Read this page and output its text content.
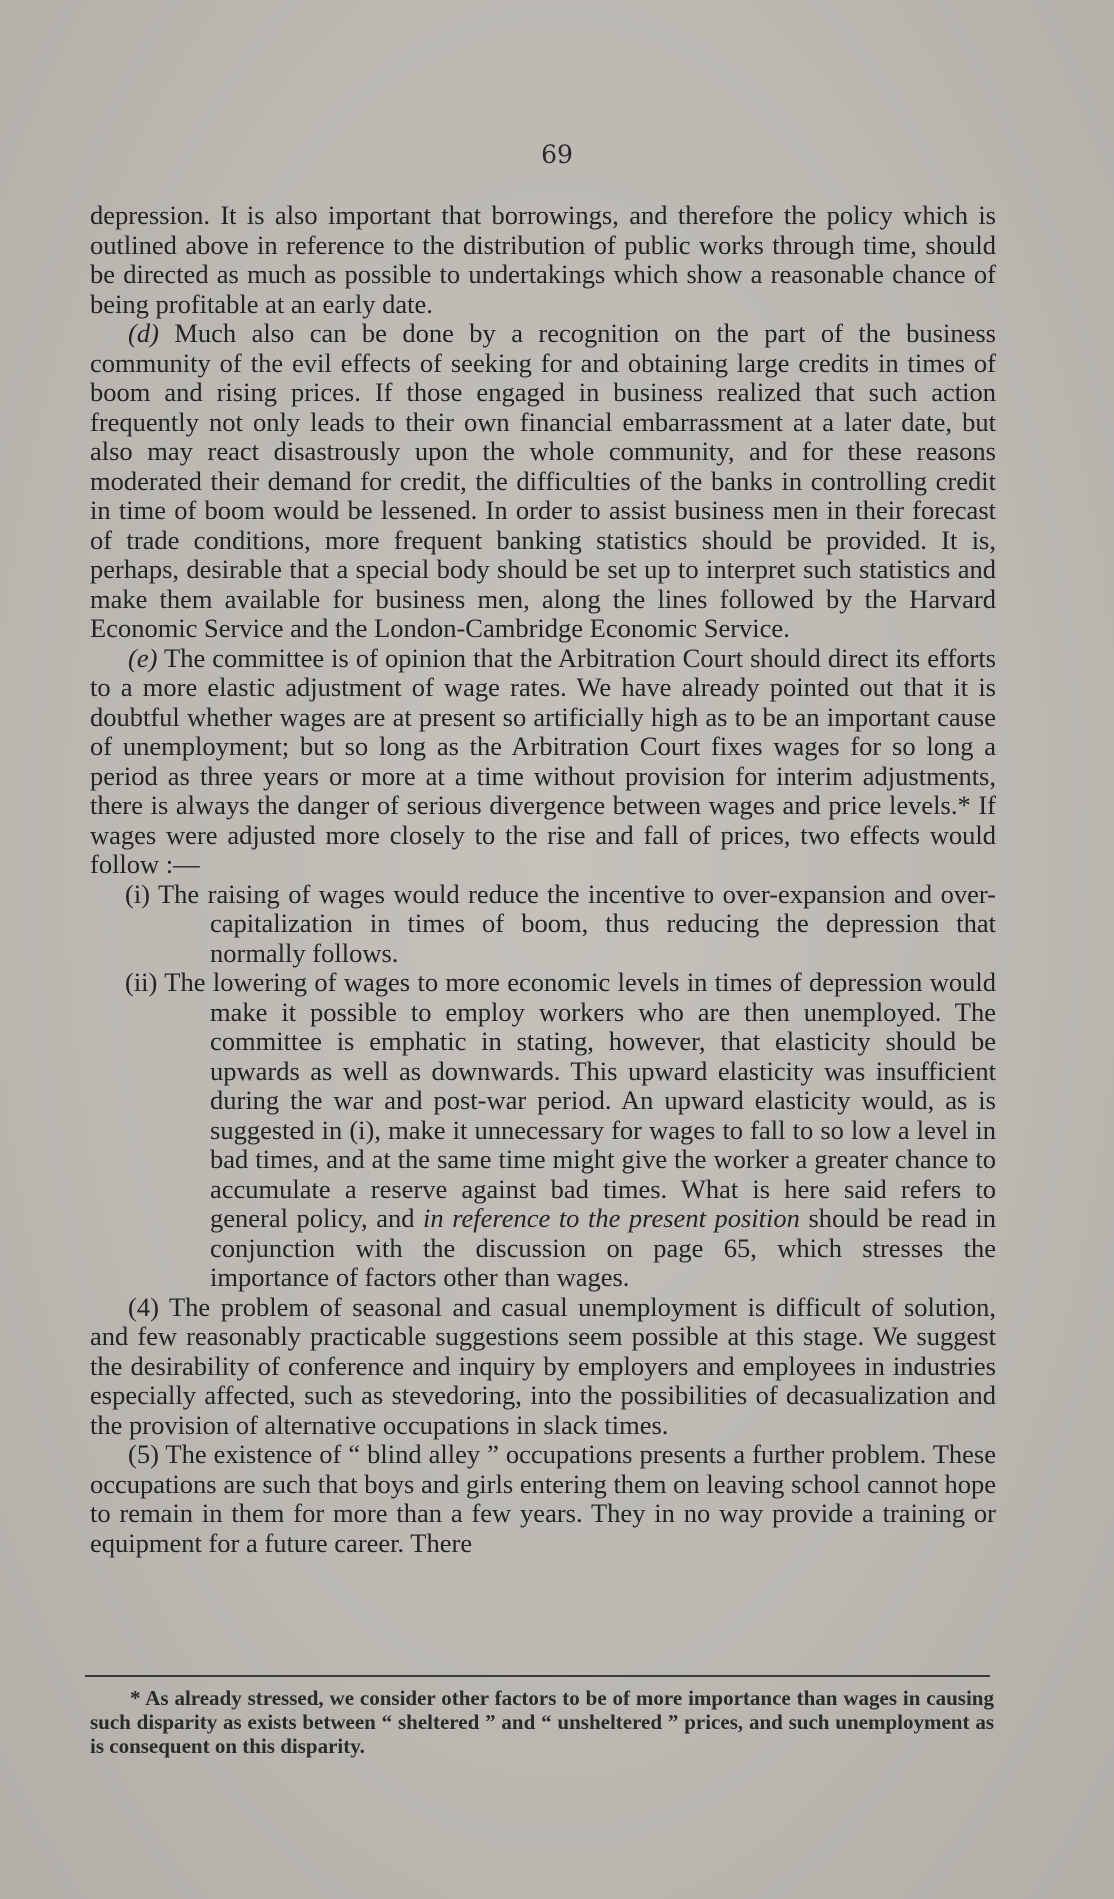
69

depression. It is also important that borrowings, and therefore the policy which is outlined above in reference to the distribution of public works through time, should be directed as much as possible to undertakings which show a reasonable chance of being profitable at an early date.

(d) Much also can be done by a recognition on the part of the business community of the evil effects of seeking for and obtaining large credits in times of boom and rising prices. If those engaged in business realized that such action frequently not only leads to their own financial embarrassment at a later date, but also may react disastrously upon the whole community, and for these reasons moderated their demand for credit, the difficulties of the banks in controlling credit in time of boom would be lessened. In order to assist business men in their forecast of trade conditions, more frequent banking statistics should be provided. It is, perhaps, desirable that a special body should be set up to interpret such statistics and make them available for business men, along the lines followed by the Harvard Economic Service and the London-Cambridge Economic Service.

(e) The committee is of opinion that the Arbitration Court should direct its efforts to a more elastic adjustment of wage rates. We have already pointed out that it is doubtful whether wages are at present so artificially high as to be an important cause of unemployment; but so long as the Arbitration Court fixes wages for so long a period as three years or more at a time without provision for interim adjustments, there is always the danger of serious divergence between wages and price levels.* If wages were adjusted more closely to the rise and fall of prices, two effects would follow :—

(i) The raising of wages would reduce the incentive to over-expansion and over-capitalization in times of boom, thus reducing the depression that normally follows.

(ii) The lowering of wages to more economic levels in times of depression would make it possible to employ workers who are then unemployed. The committee is emphatic in stating, however, that elasticity should be upwards as well as downwards. This upward elasticity was insufficient during the war and post-war period. An upward elasticity would, as is suggested in (i), make it unnecessary for wages to fall to so low a level in bad times, and at the same time might give the worker a greater chance to accumulate a reserve against bad times. What is here said refers to general policy, and in reference to the present position should be read in conjunction with the discussion on page 65, which stresses the importance of factors other than wages.

(4) The problem of seasonal and casual unemployment is difficult of solution, and few reasonably practicable suggestions seem possible at this stage. We suggest the desirability of conference and inquiry by employers and employees in industries especially affected, such as stevedoring, into the possibilities of decasualization and the provision of alternative occupations in slack times.

(5) The existence of “ blind alley ” occupations presents a further problem. These occupations are such that boys and girls entering them on leaving school cannot hope to remain in them for more than a few years. They in no way provide a training or equipment for a future career. There

* As already stressed, we consider other factors to be of more importance than wages in causing such disparity as exists between “ sheltered ” and “ unsheltered ” prices, and such unemployment as is consequent on this disparity.
